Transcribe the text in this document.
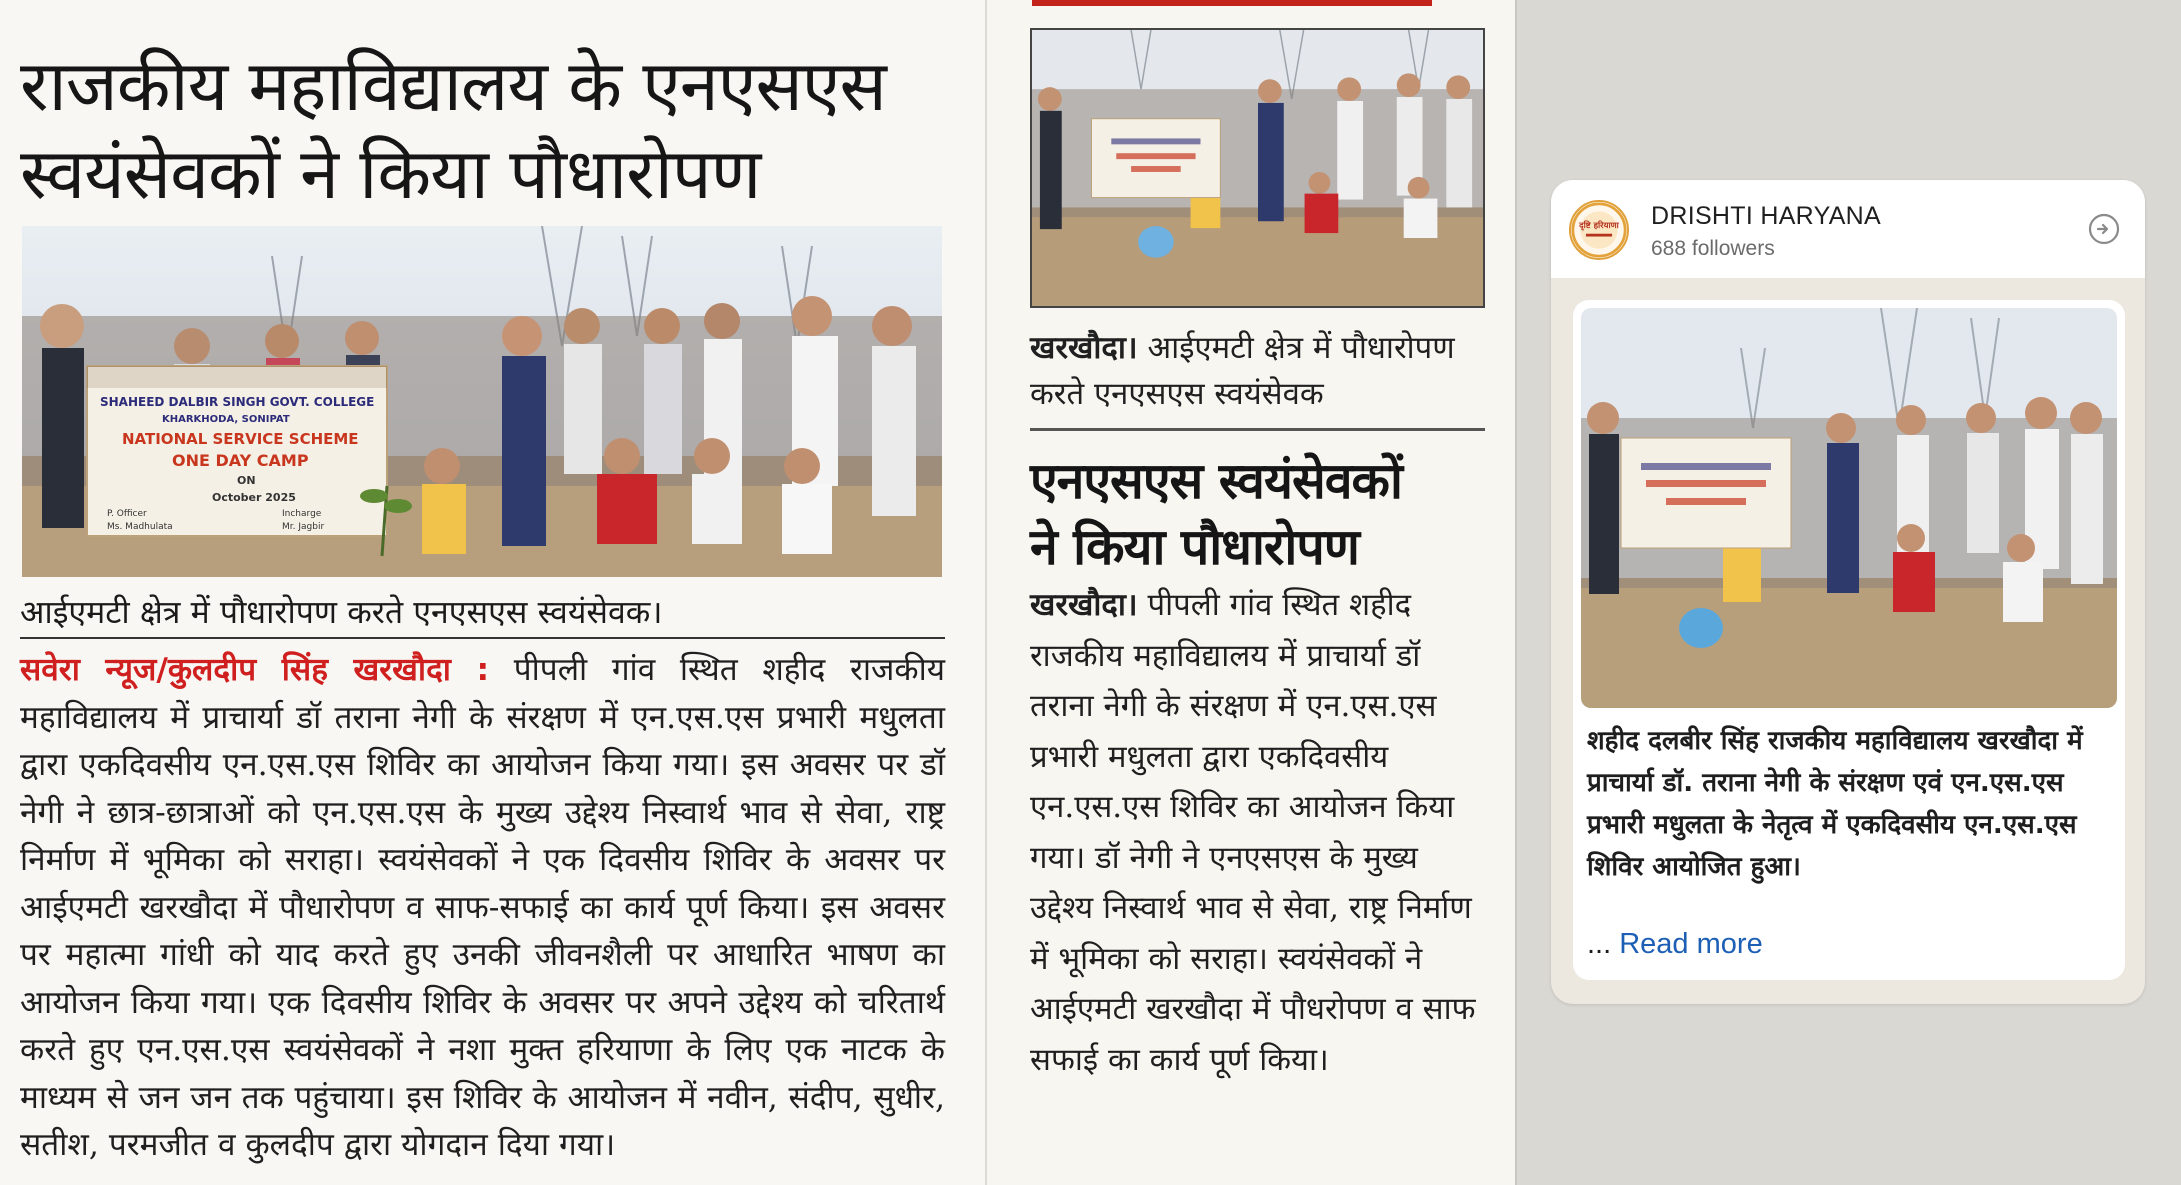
राजकीय महाविद्यालय के एनएसएस
स्वयंसेवकों ने किया पौधारोपण
SHAHEED DALBIR SINGH GOVT. COLLEGE
KHARKHODA, SONIPAT
NATIONAL SERVICE SCHEME
ONE DAY CAMP
ON
October 2025
P. Officer	Incharge
Ms. Madhulata	Mr. Jagbir
आईएमटी क्षेत्र में पौधारोपण करते एनएसएस स्वयंसेवक।

सवेरा न्यूज/कुलदीप सिंह खरखौदा : पीपली गांव स्थित शहीद राजकीय महाविद्यालय में प्राचार्या डॉ तराना नेगी के संरक्षण में एन.एस.एस प्रभारी मधुलता द्वारा एकदिवसीय एन.एस.एस शिविर का आयोजन किया गया। इस अवसर पर डॉ नेगी ने छात्र-छात्राओं को एन.एस.एस के मुख्य उद्देश्य निस्वार्थ भाव से सेवा, राष्ट्र निर्माण में भूमिका को सराहा। स्वयंसेवकों ने एक दिवसीय शिविर के अवसर पर आईएमटी खरखौदा में पौधारोपण व साफ-सफाई का कार्य पूर्ण किया। इस अवसर पर महात्मा गांधी को याद करते हुए उनकी जीवनशैली पर आधारित भाषण का आयोजन किया गया। एक दिवसीय शिविर के अवसर पर अपने उद्देश्य को चरितार्थ करते हुए एन.एस.एस स्वयंसेवकों ने नशा मुक्त हरियाणा के लिए एक नाटक के माध्यम से जन जन तक पहुंचाया। इस शिविर के आयोजन में नवीन, संदीप, सुधीर, सतीश, परमजीत व कुलदीप द्वारा योगदान दिया गया।

खरखौदा। आईएमटी क्षेत्र में पौधारोपण करते एनएसएस स्वयंसेवक
एनएसएस स्वयंसेवकों
ने किया पौधारोपण

खरखौदा। पीपली गांव स्थित शहीद राजकीय महाविद्यालय में प्राचार्या डॉ तराना नेगी के संरक्षण में एन.एस.एस प्रभारी मधुलता द्वारा एकदिवसीय एन.एस.एस शिविर का आयोजन किया गया। डॉ नेगी ने एनएसएस के मुख्य उद्देश्य निस्वार्थ भाव से सेवा, राष्ट्र निर्माण में भूमिका को सराहा। स्वयंसेवकों ने आईएमटी खरखौदा में पौधरोपण व साफ सफाई का कार्य पूर्ण किया।

दृष्टि हरियाणा DRISHTI HARYANA
688 followers

शहीद दलबीर सिंह राजकीय महाविद्यालय खरखौदा में प्राचार्या डॉ. तराना नेगी के संरक्षण एवं एन.एस.एस प्रभारी मधुलता के नेतृत्व में एकदिवसीय एन.एस.एस शिविर आयोजित हुआ।

... Read more
